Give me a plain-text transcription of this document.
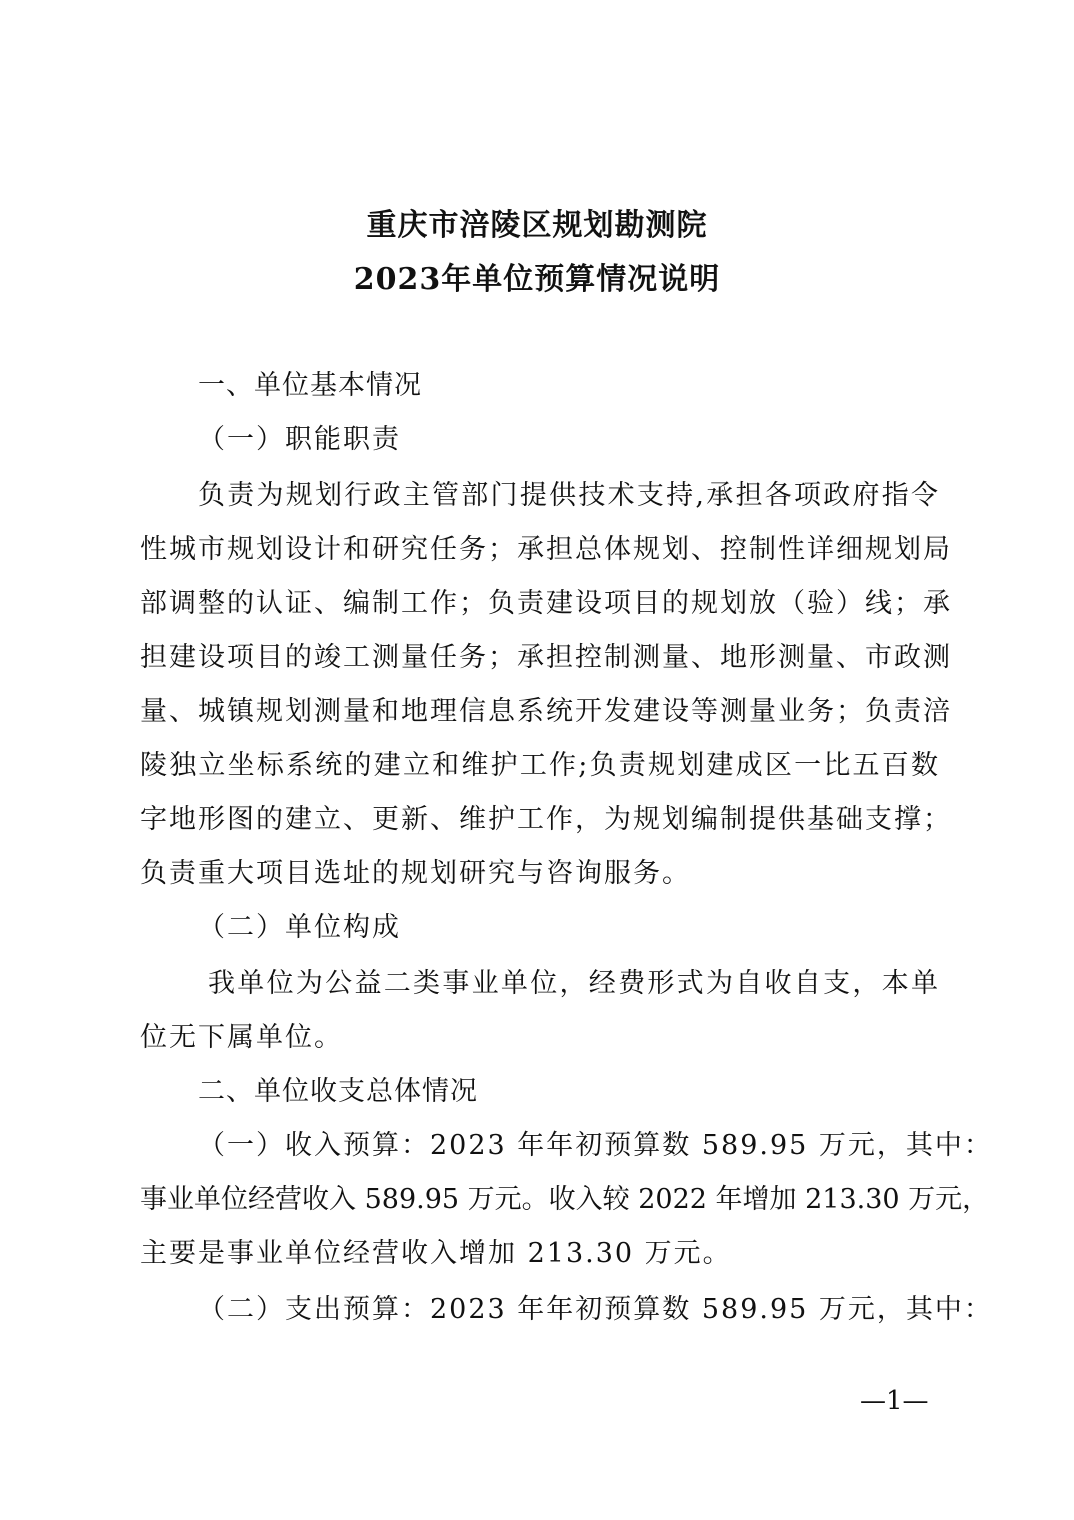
重庆市涪陵区规划勘测院
2023年单位预算情况说明
一、单位基本情况
（一）职能职责
负责为规划行政主管部门提供技术支持,承担各项政府指令
性城市规划设计和研究任务；承担总体规划、控制性详细规划局
部调整的认证、编制工作；负责建设项目的规划放（验）线；承
担建设项目的竣工测量任务；承担控制测量、地形测量、市政测
量、城镇规划测量和地理信息系统开发建设等测量业务；负责涪
陵独立坐标系统的建立和维护工作;负责规划建成区一比五百数
字地形图的建立、更新、维护工作，为规划编制提供基础支撑；
负责重大项目选址的规划研究与咨询服务。
（二）单位构成
我单位为公益二类事业单位，经费形式为自收自支，本单
位无下属单位。
二、单位收支总体情况
（一）收入预算：2023 年年初预算数 589.95 万元，其中：
事业单位经营收入 589.95 万元。收入较 2022 年增加 213.30 万元，
主要是事业单位经营收入增加 213.30 万元。
（二）支出预算：2023 年年初预算数 589.95 万元，其中：
—1—
